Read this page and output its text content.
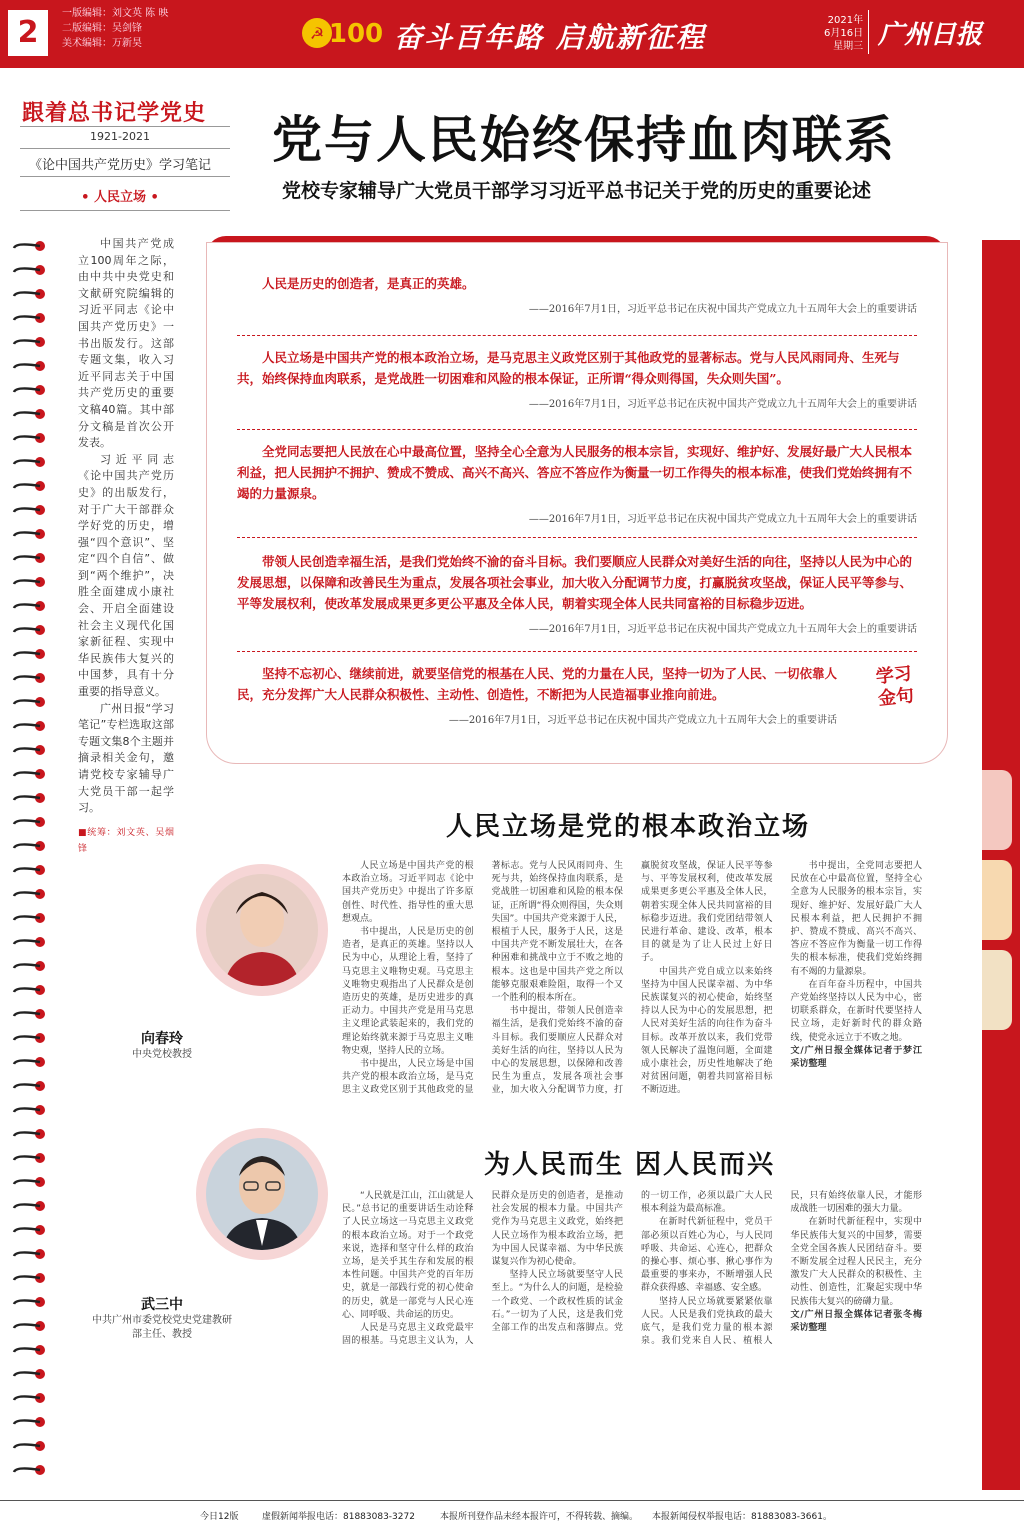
2
一版编辑：刘文英 陈 映
二版编辑：吴剑锋
美术编辑：万新昊
☭ 100 奋斗百年路 启航新征程
2021年
6月16日
星期三 广州日报
跟着总书记学党史
1921-2021
《论中国共产党历史》学习笔记
• 人民立场 •

中国共产党成立100周年之际，由中共中央党史和文献研究院编辑的习近平同志《论中国共产党历史》一书出版发行。这部专题文集，收入习近平同志关于中国共产党历史的重要文稿40篇。其中部分文稿是首次公开发表。

习近平同志《论中国共产党历史》的出版发行，对于广大干部群众学好党的历史，增强“四个意识”、坚定“四个自信”、做到“两个维护”，决胜全面建成小康社会、开启全面建设社会主义现代化国家新征程、实现中华民族伟大复兴的中国梦，具有十分重要的指导意义。

广州日报“学习笔记”专栏选取这部专题文集8个主题并摘录相关金句，邀请党校专家辅导广大党员干部一起学习。

■统筹：刘文英、吴烟锋

党与人民始终保持血肉联系
党校专家辅导广大党员干部学习习近平总书记关于党的历史的重要论述

人民是历史的创造者，是真正的英雄。

——2016年7月1日，习近平总书记在庆祝中国共产党成立九十五周年大会上的重要讲话

人民立场是中国共产党的根本政治立场，是马克思主义政党区别于其他政党的显著标志。党与人民风雨同舟、生死与共，始终保持血肉联系，是党战胜一切困难和风险的根本保证，正所谓“得众则得国，失众则失国”。

——2016年7月1日，习近平总书记在庆祝中国共产党成立九十五周年大会上的重要讲话

全党同志要把人民放在心中最高位置，坚持全心全意为人民服务的根本宗旨，实现好、维护好、发展好最广大人民根本利益，把人民拥护不拥护、赞成不赞成、高兴不高兴、答应不答应作为衡量一切工作得失的根本标准，使我们党始终拥有不竭的力量源泉。

——2016年7月1日，习近平总书记在庆祝中国共产党成立九十五周年大会上的重要讲话

带领人民创造幸福生活，是我们党始终不渝的奋斗目标。我们要顺应人民群众对美好生活的向往，坚持以人民为中心的发展思想，以保障和改善民生为重点，发展各项社会事业，加大收入分配调节力度，打赢脱贫攻坚战，保证人民平等参与、平等发展权利，使改革发展成果更多更公平惠及全体人民，朝着实现全体人民共同富裕的目标稳步迈进。

——2016年7月1日，习近平总书记在庆祝中国共产党成立九十五周年大会上的重要讲话

坚持不忘初心、继续前进，就要坚信党的根基在人民、党的力量在人民，坚持一切为了人民、一切依靠人民，充分发挥广大人民群众积极性、主动性、创造性，不断把为人民造福事业推向前进。

——2016年7月1日，习近平总书记在庆祝中国共产党成立九十五周年大会上的重要讲话

学习金句
人民立场是党的根本政治立场
向春玲
中央党校教授

人民立场是中国共产党的根本政治立场。习近平同志《论中国共产党历史》中提出了许多原创性、时代性、指导性的重大思想观点。

书中提出，人民是历史的创造者，是真正的英雄。坚持以人民为中心，从理论上看，坚持了马克思主义唯物史观。马克思主义唯物史观指出了人民群众是创造历史的英雄，是历史进步的真正动力。中国共产党是用马克思主义理论武装起来的，我们党的理论始终就来源于马克思主义唯物史观，坚持人民的立场。

书中提出，人民立场是中国共产党的根本政治立场，是马克思主义政党区别于其他政党的显著标志。党与人民风雨同舟、生死与共，始终保持血肉联系，是党战胜一切困难和风险的根本保证，正所谓“得众则得国，失众则失国”。中国共产党来源于人民，根植于人民，服务于人民，这是中国共产党不断发展壮大，在各种困难和挑战中立于不败之地的根本。这也是中国共产党之所以能够克服艰难险阻，取得一个又一个胜利的根本所在。

书中提出，带领人民创造幸福生活，是我们党始终不渝的奋斗目标。我们要顺应人民群众对美好生活的向往，坚持以人民为中心的发展思想，以保障和改善民生为重点，发展各项社会事业，加大收入分配调节力度，打赢脱贫攻坚战，保证人民平等参与、平等发展权利，使改革发展成果更多更公平惠及全体人民，朝着实现全体人民共同富裕的目标稳步迈进。我们党团结带领人民进行革命、建设、改革，根本目的就是为了让人民过上好日子。

中国共产党自成立以来始终坚持为中国人民谋幸福、为中华民族谋复兴的初心使命，始终坚持以人民为中心的发展思想，把人民对美好生活的向往作为奋斗目标。改革开放以来，我们党带领人民解决了温饱问题，全面建成小康社会，历史性地解决了绝对贫困问题，朝着共同富裕目标不断迈进。

书中提出，全党同志要把人民放在心中最高位置，坚持全心全意为人民服务的根本宗旨，实现好、维护好、发展好最广大人民根本利益，把人民拥护不拥护、赞成不赞成、高兴不高兴、答应不答应作为衡量一切工作得失的根本标准，使我们党始终拥有不竭的力量源泉。

在百年奋斗历程中，中国共产党始终坚持以人民为中心，密切联系群众，在新时代要坚持人民立场，走好新时代的群众路线，使党永远立于不败之地。

文/广州日报全媒体记者于梦江 采访整理

为人民而生 因人民而兴
武三中
中共广州市委党校党史党建教研部主任、教授

“人民就是江山，江山就是人民。”总书记的重要讲话生动诠释了人民立场这一马克思主义政党的根本政治立场。对于一个政党来说，选择和坚守什么样的政治立场，是关乎其生存和发展的根本性问题。中国共产党的百年历史，就是一部践行党的初心使命的历史，就是一部党与人民心连心、同呼吸、共命运的历史。

人民是马克思主义政党最牢固的根基。马克思主义认为，人民群众是历史的创造者，是推动社会发展的根本力量。中国共产党作为马克思主义政党，始终把人民立场作为根本政治立场，把为中国人民谋幸福、为中华民族谋复兴作为初心使命。

坚持人民立场就要坚守人民至上。“为什么人的问题，是检验一个政党、一个政权性质的试金石。”一切为了人民，这是我们党全部工作的出发点和落脚点。党的一切工作，必须以最广大人民根本利益为最高标准。

在新时代新征程中，党员干部必须以百姓心为心，与人民同呼吸、共命运、心连心，把群众的操心事、烦心事、揪心事作为最重要的事来办，不断增强人民群众获得感、幸福感、安全感。

坚持人民立场就要紧紧依靠人民。人民是我们党执政的最大底气，是我们党力量的根本源泉。我们党来自人民、植根人民，只有始终依靠人民，才能形成战胜一切困难的强大力量。

在新时代新征程中，实现中华民族伟大复兴的中国梦，需要全党全国各族人民团结奋斗。要不断发展全过程人民民主，充分激发广大人民群众的积极性、主动性、创造性，汇聚起实现中华民族伟大复兴的磅礴力量。

文/广州日报全媒体记者张冬梅 采访整理

今日12版	虚假新闻举报电话：81883083-3272	本报所刊登作品未经本报许可，不得转载、摘编。 本报新闻侵权举报电话：81883083-3661。
